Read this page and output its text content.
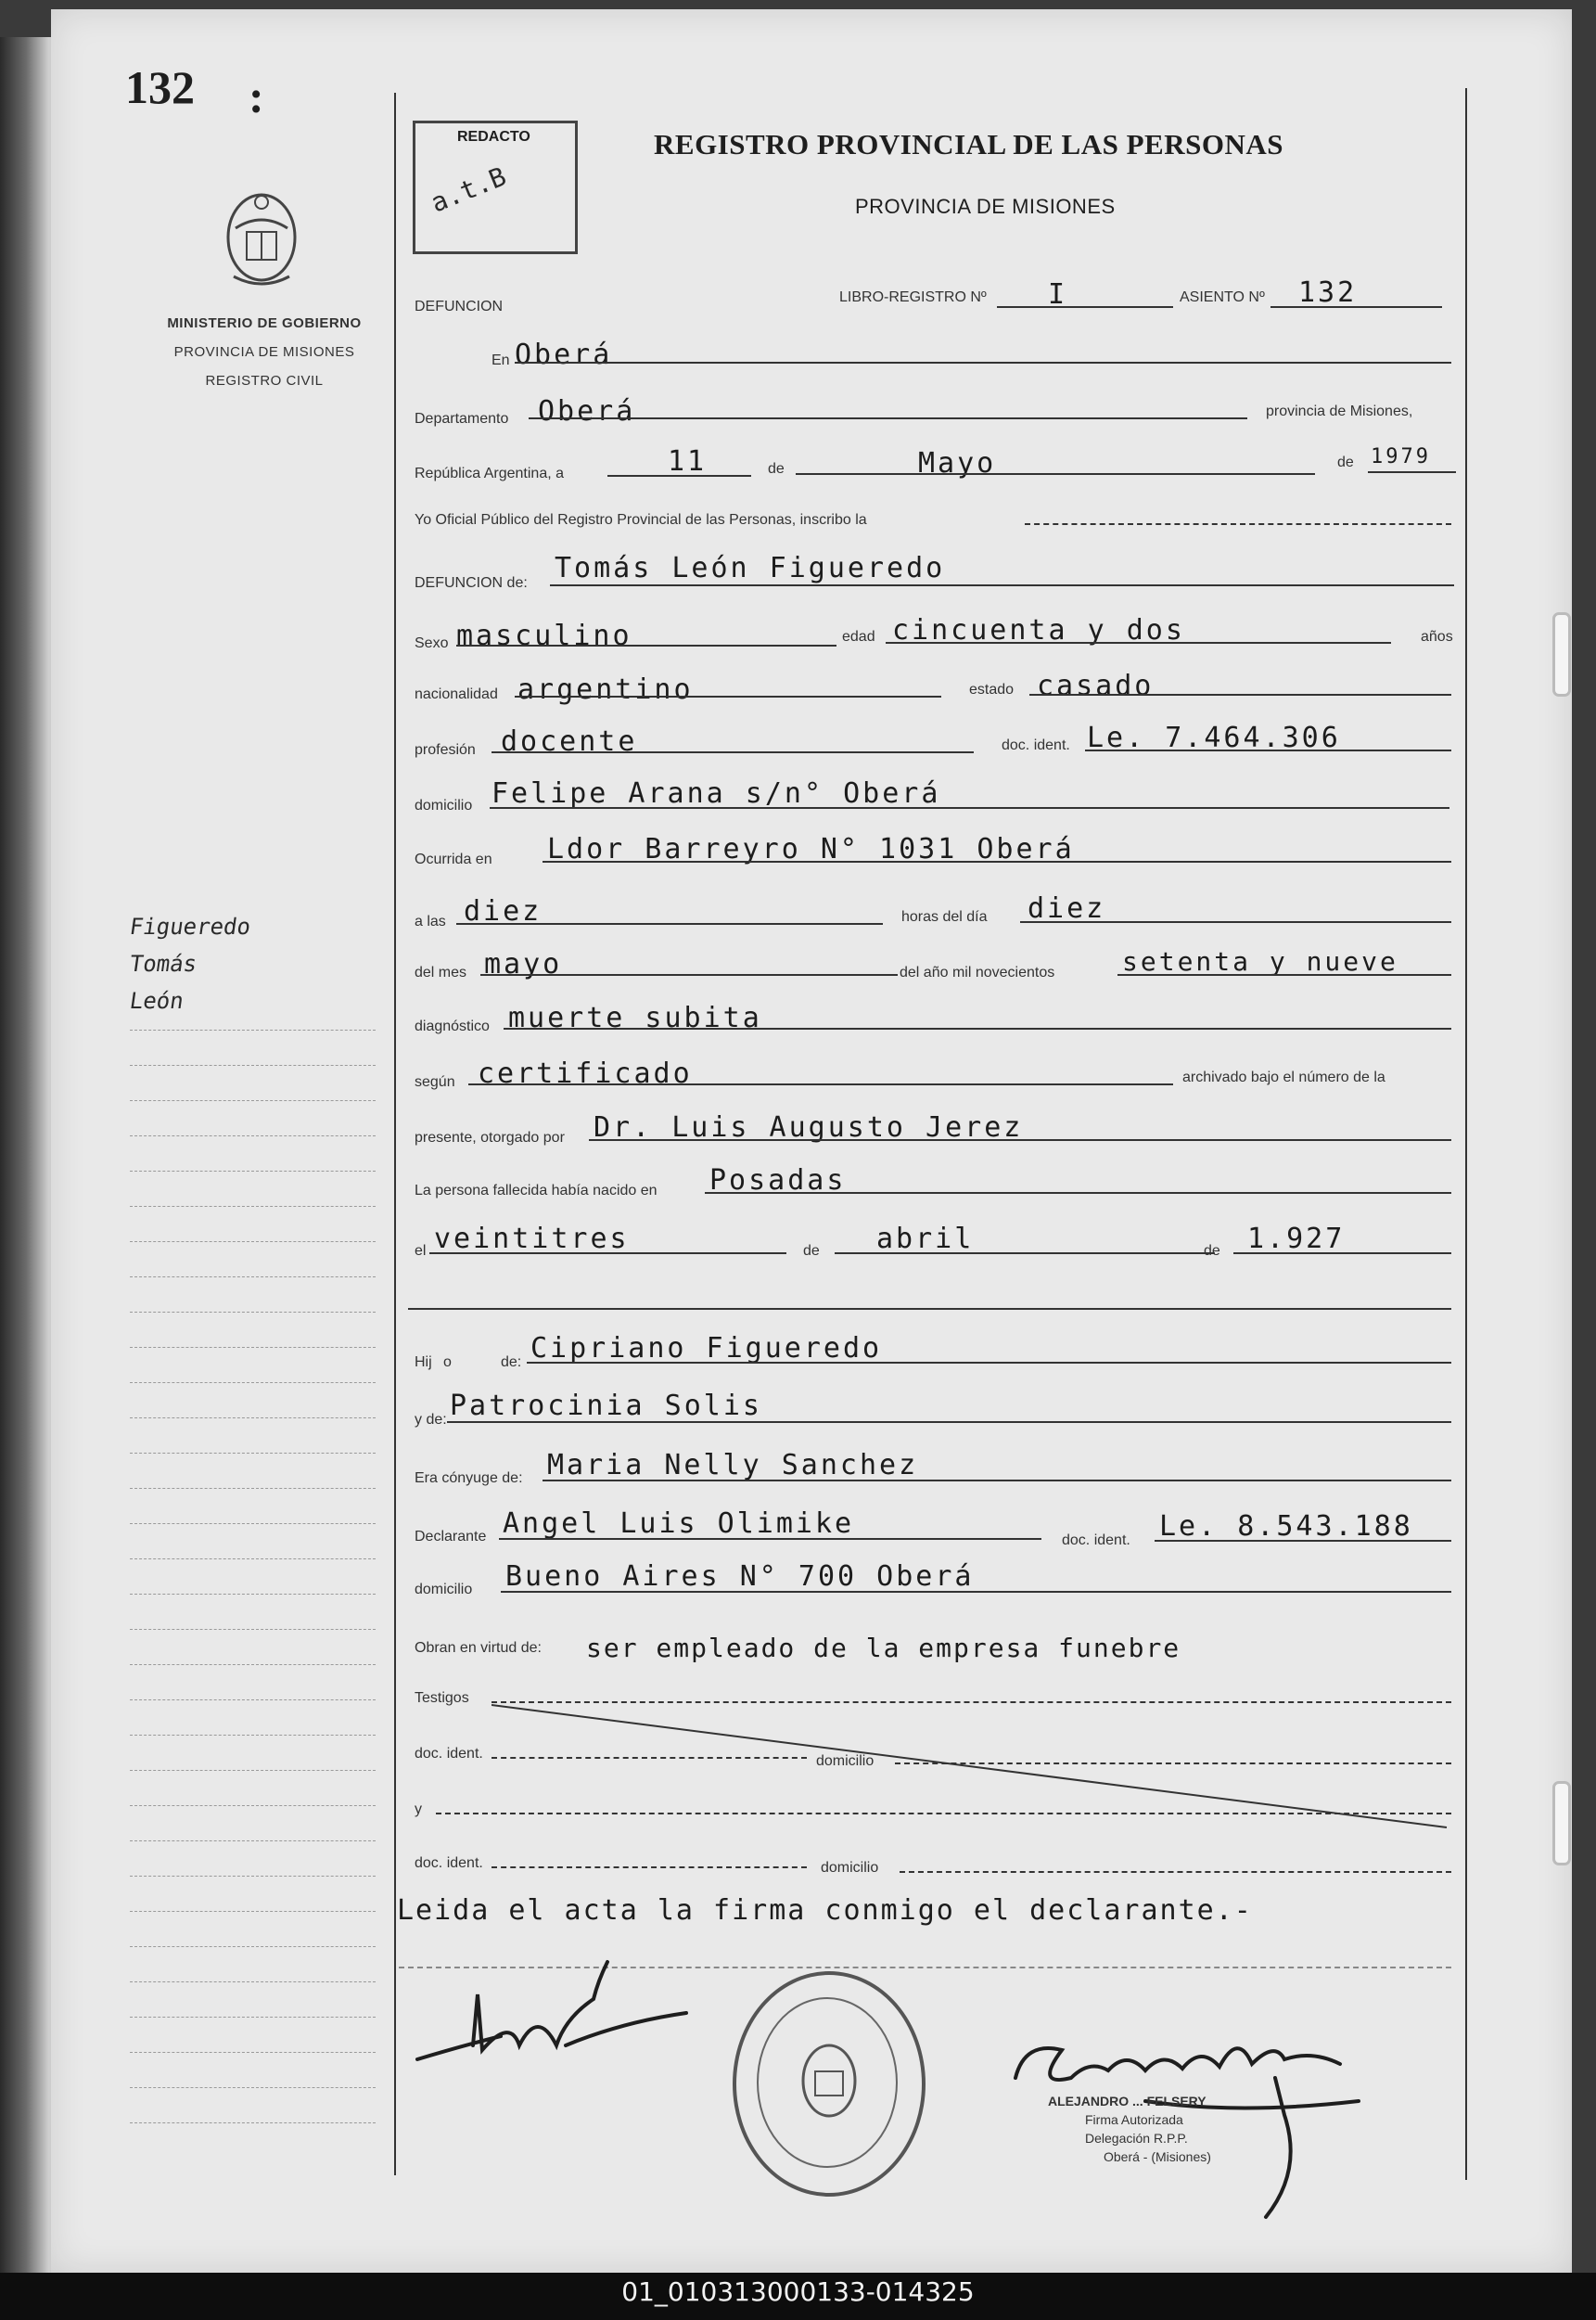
132 :
MINISTERIO DE GOBIERNO
PROVINCIA DE MISIONES
REGISTRO CIVIL
Figueredo
Tomás
León
REDACTO
a.t.B
REGISTRO PROVINCIAL DE LAS PERSONAS
PROVINCIA DE MISIONES
DEFUNCION
LIBRO-REGISTRO Nº I	ASIENTO Nº 132
En Oberá
Departamento Oberá	provincia de Misiones,
República Argentina, a	11	de	Mayo	de 1979
Yo Oficial Público del Registro Provincial de las Personas, inscribo la
DEFUNCION de: Tomás León Figueredo
Sexo masculino	edad cincuenta y dos	años
nacionalidad argentino	estado casado
profesión docente	doc. ident. Le. 7.464.306
domicilio Felipe Arana s/n° Oberá
Ocurrida en Ldor Barreyro N° 1031 Oberá
a las diez	horas del día diez
del mes mayo	del año mil novecientos	setenta y nueve
diagnóstico muerte subita
según certificado	archivado bajo el número de la
presente, otorgado por Dr. Luis Augusto Jerez
La persona fallecida había nacido en Posadas
el veintitres	de abril	de 1.927
Hij o	de: Cipriano Figueredo
y de: Patrocinia Solis
Era cónyuge de: Maria Nelly Sanchez
Declarante Angel Luis Olimike
doc. ident. Le. 8.543.188
domicilio Bueno Aires N° 700 Oberá
Obran en virtud de: ser empleado de la empresa funebre
Testigos
doc. ident.	domicilio
y
doc. ident.	domicilio
Leida el acta la firma conmigo el declarante.-
ALEJANDRO ... FELSERY
Firma Autorizada
Delegación R.P.P.
Oberá - (Misiones)
01_010313000133-014325
